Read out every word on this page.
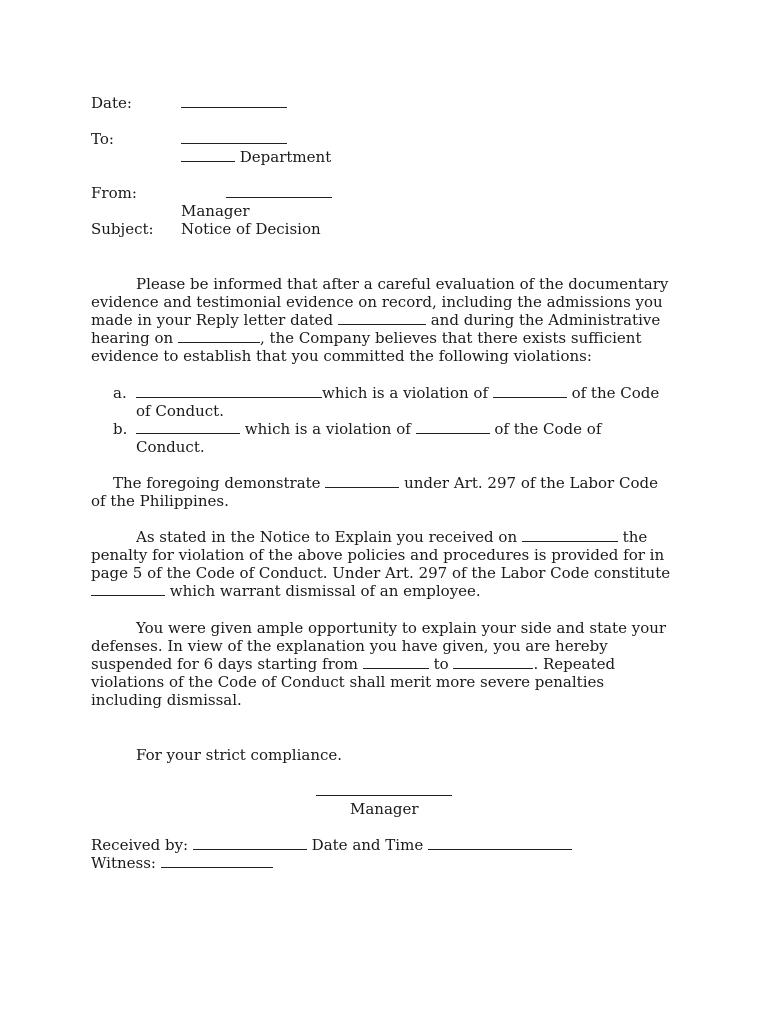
Date:
To:
Department
From:
Manager
Subject: Notice of Decision
Please be informed that after a careful evaluation of the documentary
evidence and testimonial evidence on record, including the admissions you
made in your Reply letter dated	and during the Administrative
hearing on	, the Company believes that there exists sufficient
evidence to establish that you committed the following violations:
a.	which is a violation of	of the Code
of Conduct.
b.	which is a violation of	of the Code of
Conduct.
The foregoing demonstrate	under Art. 297 of the Labor Code
of the Philippines.
As stated in the Notice to Explain you received on	the
penalty for violation of the above policies and procedures is provided for in
page 5 of the Code of Conduct. Under Art. 297 of the Labor Code constitute
which warrant dismissal of an employee.
You were given ample opportunity to explain your side and state your
defenses. In view of the explanation you have given, you are hereby
suspended for 6 days starting from	to	. Repeated
violations of the Code of Conduct shall merit more severe penalties
including dismissal.
For your strict compliance.
Manager
Received by:	Date and Time
Witness:
